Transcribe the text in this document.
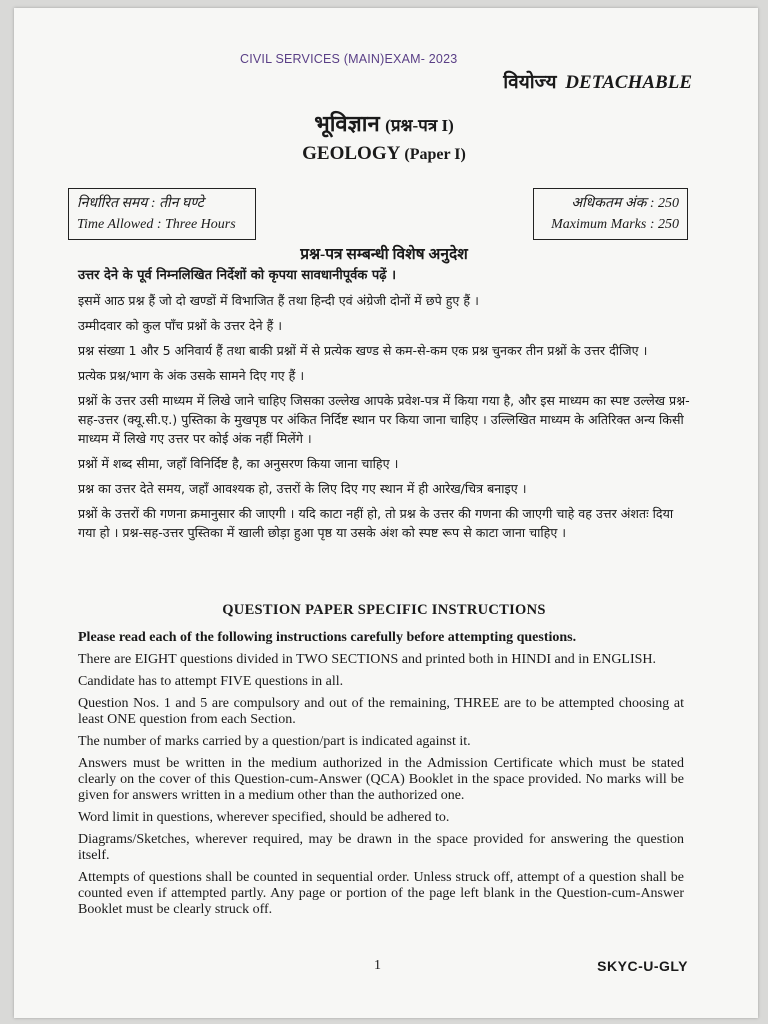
CIVIL SERVICES (MAIN)EXAM- 2023
वियोज्य DETACHABLE
भूविज्ञान (प्रश्न-पत्र I)
GEOLOGY (Paper I)
निर्धारित समय : तीन घण्टे
Time Allowed : Three Hours
अधिकतम अंक : 250
Maximum Marks : 250
प्रश्न-पत्र सम्बन्धी विशेष अनुदेश

उत्तर देने के पूर्व निम्नलिखित निर्देशों को कृपया सावधानीपूर्वक पढ़ें ।

इसमें आठ प्रश्न हैं जो दो खण्डों में विभाजित हैं तथा हिन्दी एवं अंग्रेजी दोनों में छपे हुए हैं ।

उम्मीदवार को कुल पाँच प्रश्नों के उत्तर देने हैं ।

प्रश्न संख्या 1 और 5 अनिवार्य हैं तथा बाकी प्रश्नों में से प्रत्येक खण्ड से कम-से-कम एक प्रश्न चुनकर तीन प्रश्नों के उत्तर दीजिए ।

प्रत्येक प्रश्न/भाग के अंक उसके सामने दिए गए हैं ।

प्रश्नों के उत्तर उसी माध्यम में लिखे जाने चाहिए जिसका उल्लेख आपके प्रवेश-पत्र में किया गया है, और इस माध्यम का स्पष्ट उल्लेख प्रश्न-सह-उत्तर (क्यू.सी.ए.) पुस्तिका के मुखपृष्ठ पर अंकित निर्दिष्ट स्थान पर किया जाना चाहिए । उल्लिखित माध्यम के अतिरिक्त अन्य किसी माध्यम में लिखे गए उत्तर पर कोई अंक नहीं मिलेंगे ।

प्रश्नों में शब्द सीमा, जहाँ विनिर्दिष्ट है, का अनुसरण किया जाना चाहिए ।

प्रश्न का उत्तर देते समय, जहाँ आवश्यक हो, उत्तरों के लिए दिए गए स्थान में ही आरेख/चित्र बनाइए ।

प्रश्नों के उत्तरों की गणना क्रमानुसार की जाएगी । यदि काटा नहीं हो, तो प्रश्न के उत्तर की गणना की जाएगी चाहे वह उत्तर अंशतः दिया गया हो । प्रश्न-सह-उत्तर पुस्तिका में खाली छोड़ा हुआ पृष्ठ या उसके अंश को स्पष्ट रूप से काटा जाना चाहिए ।

QUESTION PAPER SPECIFIC INSTRUCTIONS

Please read each of the following instructions carefully before attempting questions.

There are EIGHT questions divided in TWO SECTIONS and printed both in HINDI and in ENGLISH.

Candidate has to attempt FIVE questions in all.

Question Nos. 1 and 5 are compulsory and out of the remaining, THREE are to be attempted choosing at least ONE question from each Section.

The number of marks carried by a question/part is indicated against it.

Answers must be written in the medium authorized in the Admission Certificate which must be stated clearly on the cover of this Question-cum-Answer (QCA) Booklet in the space provided. No marks will be given for answers written in a medium other than the authorized one.

Word limit in questions, wherever specified, should be adhered to.

Diagrams/Sketches, wherever required, may be drawn in the space provided for answering the question itself.

Attempts of questions shall be counted in sequential order. Unless struck off, attempt of a question shall be counted even if attempted partly. Any page or portion of the page left blank in the Question-cum-Answer Booklet must be clearly struck off.

1	SKYC-U-GLY
